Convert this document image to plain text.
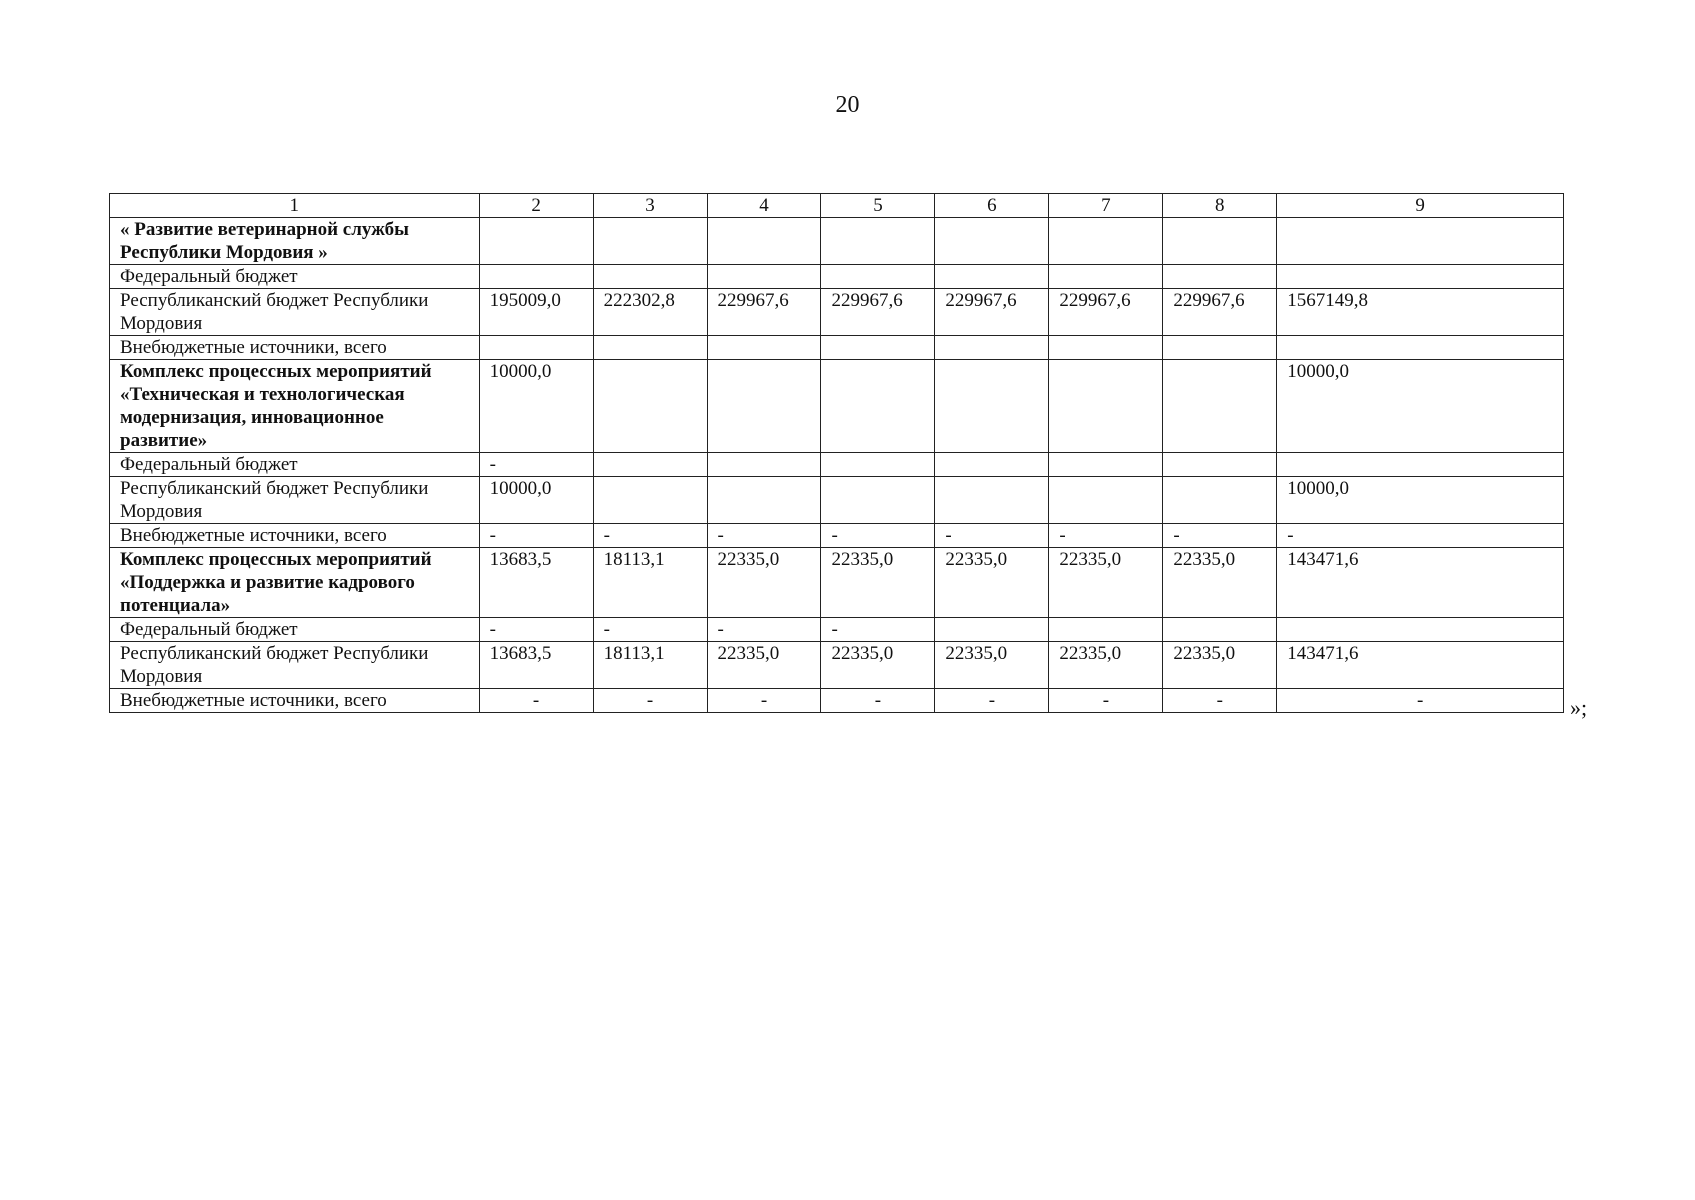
20
1	2	3	4	5	6	7	8	9
« Развитие ветеринарной службы Республики Мордовия »								
Федеральный бюджет								
Республиканский бюджет Республики Мордовия	195009,0	222302,8	229967,6	229967,6	229967,6	229967,6	229967,6	1567149,8
Внебюджетные источники, всего								
Комплекс процессных мероприятий «Техническая и технологическая модернизация, инновационное развитие»	10000,0							10000,0
Федеральный бюджет	-							
Республиканский бюджет Республики Мордовия	10000,0							10000,0
Внебюджетные источники, всего	-	-	-	-	-	-	-	-
Комплекс процессных мероприятий «Поддержка и развитие кадрового потенциала»	13683,5	18113,1	22335,0	22335,0	22335,0	22335,0	22335,0	143471,6
Федеральный бюджет	-	-	-	-				
Республиканский бюджет Республики Мордовия	13683,5	18113,1	22335,0	22335,0	22335,0	22335,0	22335,0	143471,6
Внебюджетные источники, всего	-	-	-	-	-	-	-	-	»;
